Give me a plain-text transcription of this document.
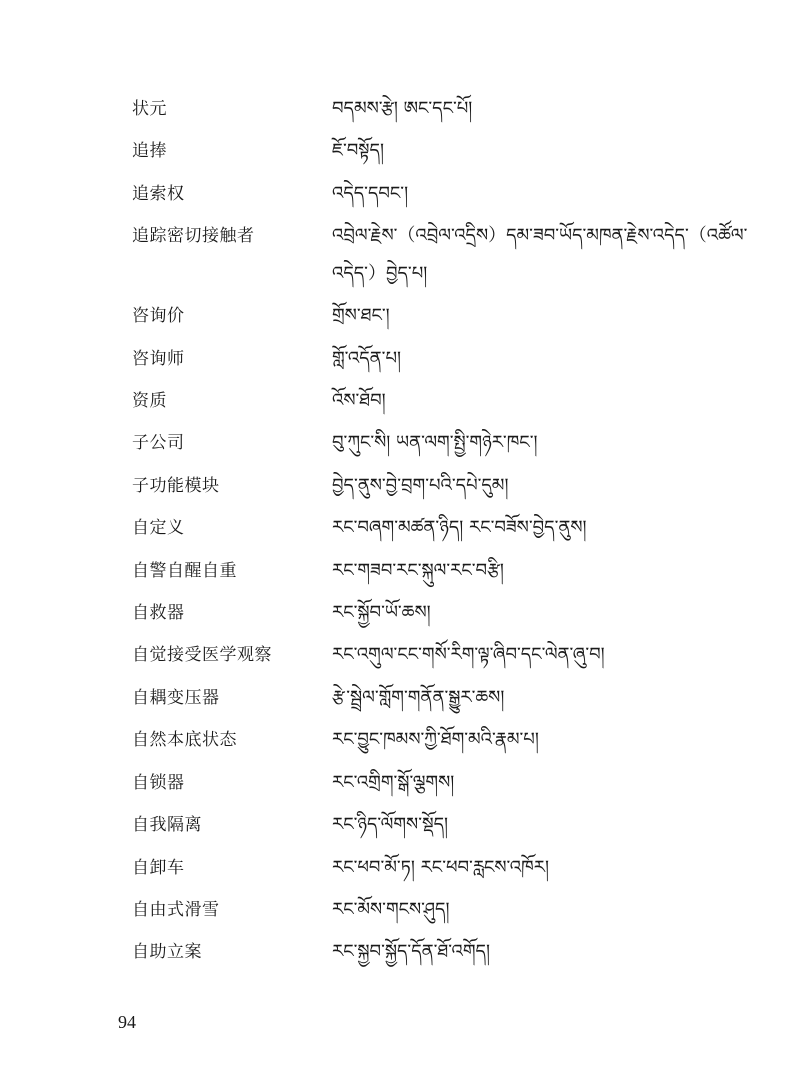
状元	བདམས་རྩེ། ཨང་དང་པོ།
追捧	ཇོ་བསྟོད།
追索权	འདེད་དབང་།
追踪密切接触者	འབྲེལ་རྗེས་（འབྲེལ་འདྲིས）དམ་ཟབ་ཡོད་མཁན་རྗེས་འདེད་（འཚོལ་འདེད་）བྱེད་པ།
咨询价	གྲོས་ཐང་།
咨询师	གློ་འདོན་པ།
资质	འོས་ཐོབ།
子公司	བུ་ཀུང་སི། ཡན་ལག་སྤྱི་གཉེར་ཁང་།
子功能模块	བྱེད་ནུས་བྱེ་བྲག་པའི་དཔེ་དུམ།
自定义	རང་བཞག་མཚན་ཉིད། རང་བཟོས་བྱེད་ནུས།
自警自醒自重	རང་གཟབ་རང་སྐུལ་རང་བརྩི།
自救器	རང་སྐྱོབ་ཡོ་ཆས།
自觉接受医学观察	རང་འགུལ་ངང་གསོ་རིག་ལྟ་ཞིབ་དང་ལེན་ཞུ་བ།
自耦变压器	རྩེ་སྦྲེལ་གློག་གནོན་སྒྱུར་ཆས།
自然本底状态	རང་བྱུང་ཁམས་ཀྱི་ཐོག་མའི་རྣམ་པ།
自锁器	རང་འགྲིག་སྒོ་ལྕགས།
自我隔离	རང་ཉིད་ལོགས་སྡོད།
自卸车	རང་ཕབ་མོ་ཏ། རང་ཕབ་རླངས་འཁོར།
自由式滑雪	རང་མོས་གངས་ཤུད།
自助立案	རང་སྐྱབ་སྐྱོད་དོན་ཐོ་འགོད།
94
